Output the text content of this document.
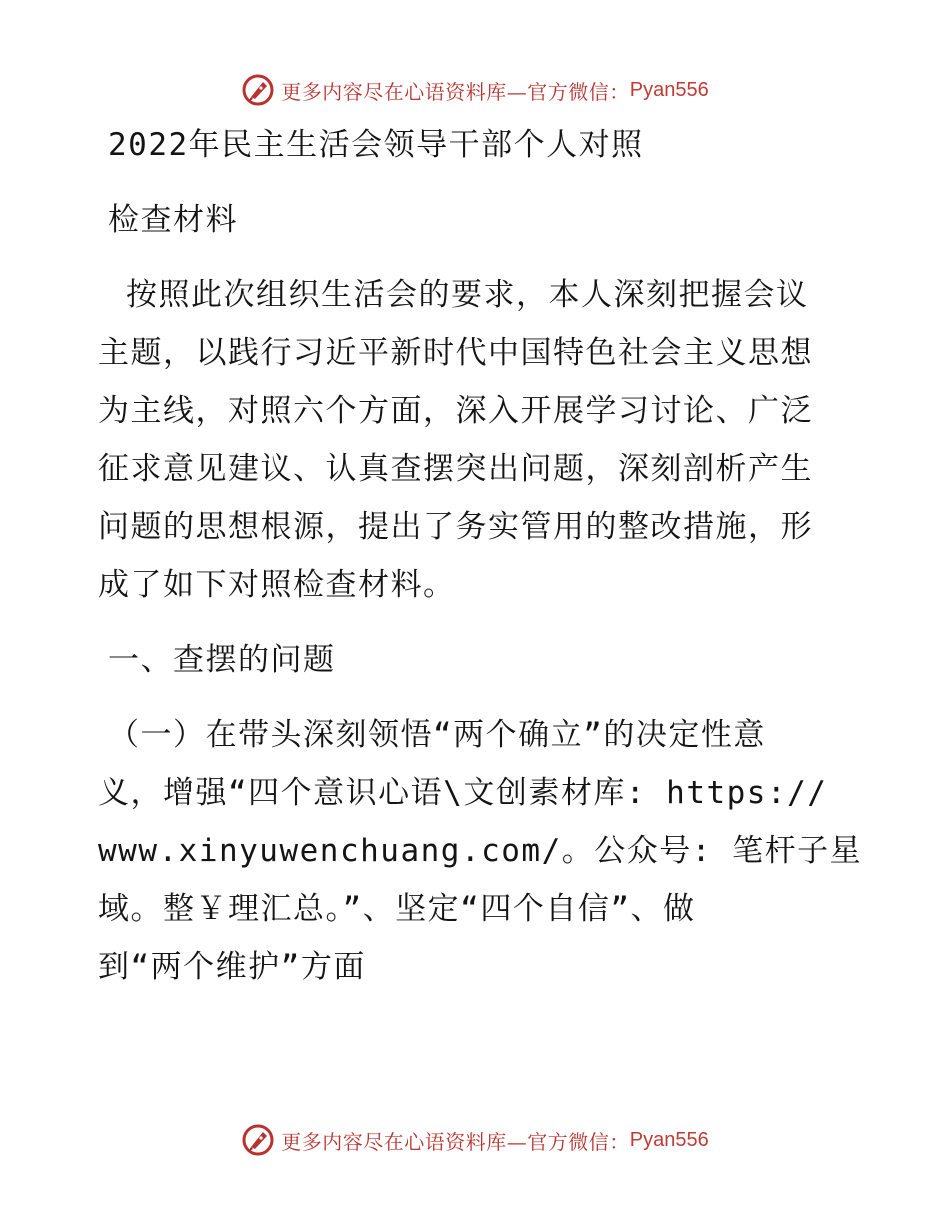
更多内容尽在心语资料库—官方微信： Pyan556
2022年民主生活会领导干部个人对照
检查材料
按照此次组织生活会的要求，本人深刻把握会议
主题，以践行习近平新时代中国特色社会主义思想
为主线，对照六个方面，深入开展学习讨论、广泛
征求意见建议、认真查摆突出问题，深刻剖析产生
问题的思想根源，提出了务实管用的整改措施，形
成了如下对照检查材料。
一、查摆的问题
（一）在带头深刻领悟“两个确立”的决定性意
义，增强“四个意识心语\文创素材库: https://
www.xinyuwenchuang.com/。公众号: 笔杆子星
域。整￥理汇总。”、坚定“四个自信”、做
到“两个维护”方面
更多内容尽在心语资料库—官方微信： Pyan556
